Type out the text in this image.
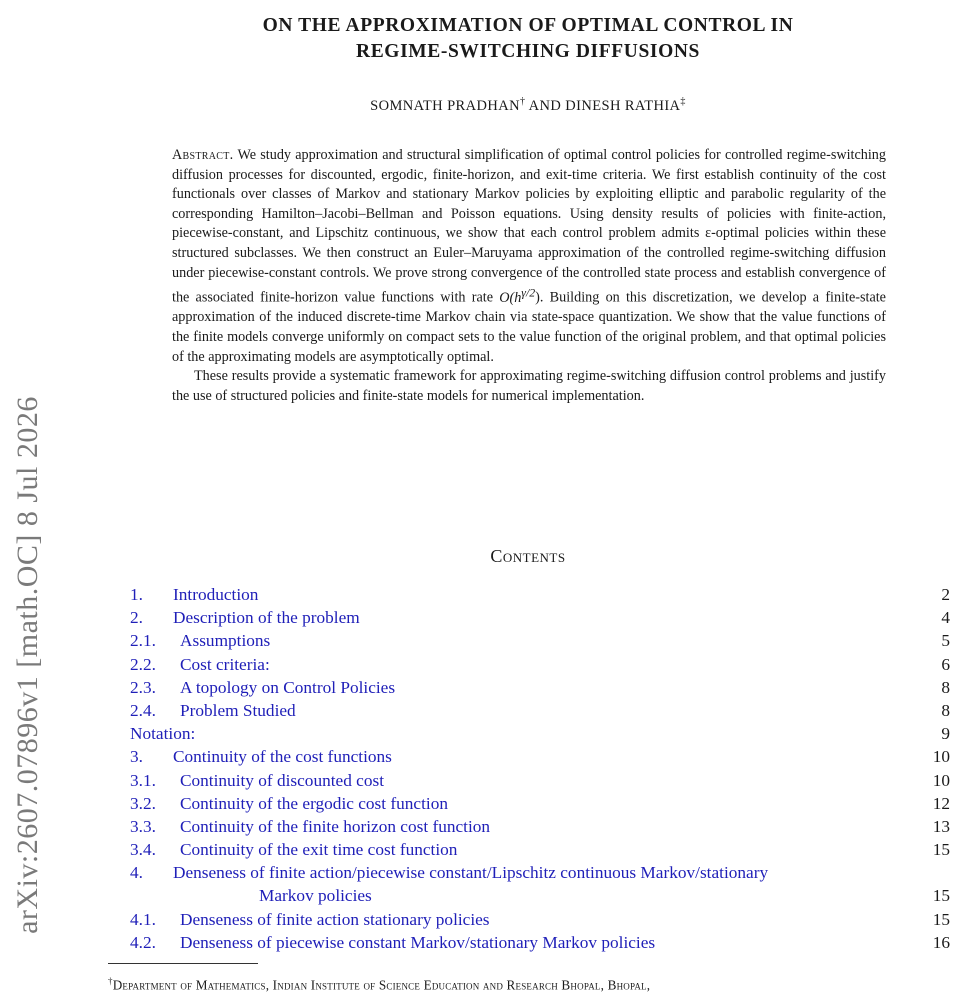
arXiv:2607.07896v1 [math.OC] 8 Jul 2026
ON THE APPROXIMATION OF OPTIMAL CONTROL IN
REGIME-SWITCHING DIFFUSIONS
SOMNATH PRADHAN† AND DINESH RATHIA‡

Abstract. We study approximation and structural simplification of optimal control policies for controlled regime-switching diffusion processes for discounted, ergodic, finite-horizon, and exit-time criteria. We first establish continuity of the cost functionals over classes of Markov and stationary Markov policies by exploiting elliptic and parabolic regularity of the corresponding Hamilton–Jacobi–Bellman and Poisson equations. Using density results of policies with finite-action, piecewise-constant, and Lipschitz continuous, we show that each control problem admits ε-optimal policies within these structured subclasses. We then construct an Euler–Maruyama approximation of the controlled regime-switching diffusion under piecewise-constant controls. We prove strong convergence of the controlled state process and establish convergence of the associated finite-horizon value functions with rate $O(h^{\gamma/2})$. Building on this discretization, we develop a finite-state approximation of the induced discrete-time Markov chain via state-space quantization. We show that the value functions of the finite models converge uniformly on compact sets to the value function of the original problem, and that optimal policies of the approximating models are asymptotically optimal.

These results provide a systematic framework for approximating regime-switching diffusion control problems and justify the use of structured policies and finite-state models for numerical implementation.

Contents
1. Introduction	2
2. Description of the problem	4
2.1. Assumptions	5
2.2. Cost criteria:	6
2.3. A topology on Control Policies	8
2.4. Problem Studied	8
Notation:	9
3. Continuity of the cost functions	10
3.1. Continuity of discounted cost	10
3.2. Continuity of the ergodic cost function	12
3.3. Continuity of the finite horizon cost function	13
3.4. Continuity of the exit time cost function	15
4. Denseness of finite action/piecewise constant/Lipschitz continuous Markov/stationary
Markov policies	15
4.1. Denseness of finite action stationary policies	15
4.2. Denseness of piecewise constant Markov/stationary Markov policies	16
†Department of Mathematics, Indian Institute of Science Education and Research Bhopal, Bhopal,
